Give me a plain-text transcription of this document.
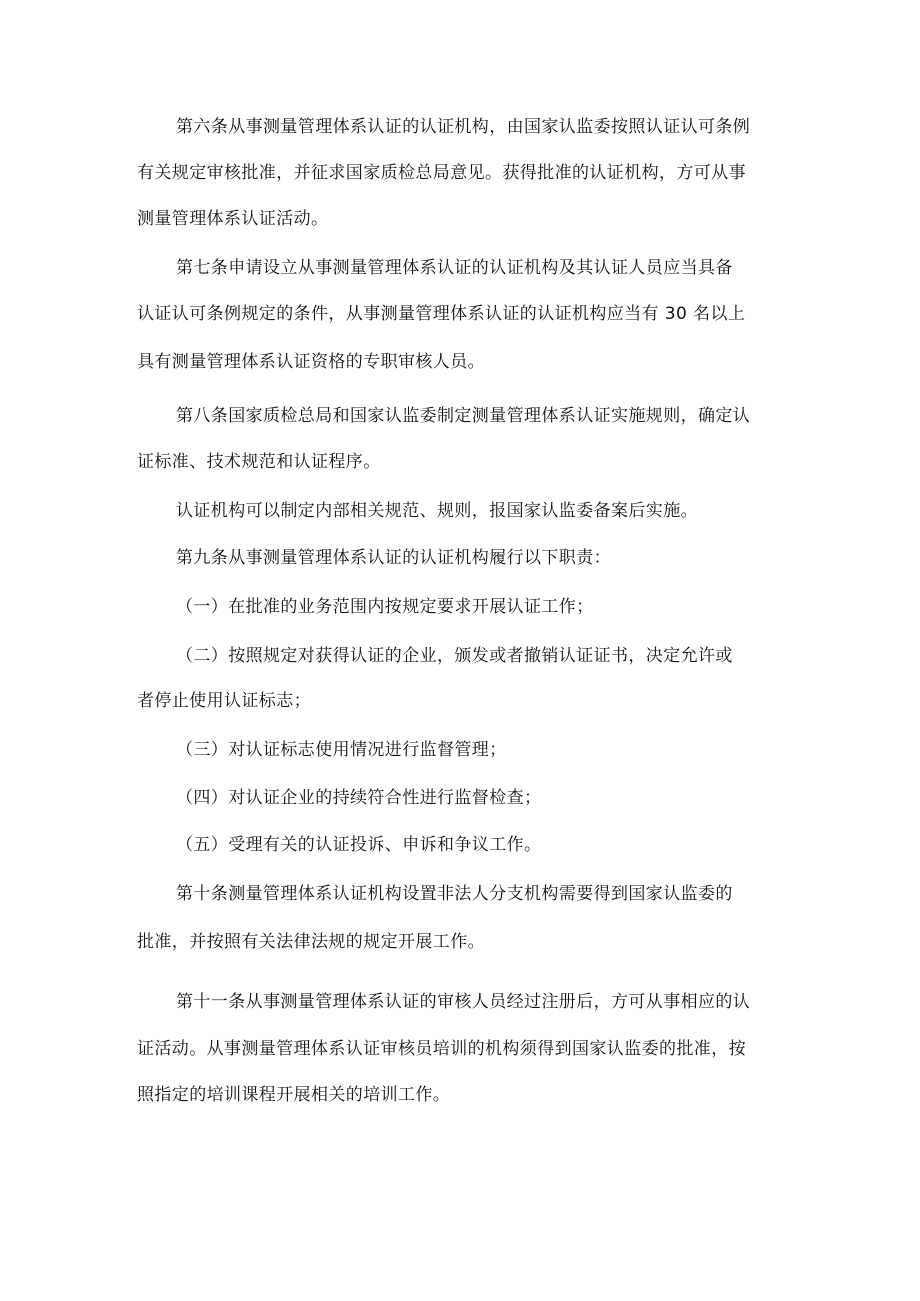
第六条从事测量管理体系认证的认证机构，由国家认监委按照认证认可条例
有关规定审核批准，并征求国家质检总局意见。获得批准的认证机构，方可从事
测量管理体系认证活动。
第七条申请设立从事测量管理体系认证的认证机构及其认证人员应当具备
认证认可条例规定的条件，从事测量管理体系认证的认证机构应当有 30 名以上
具有测量管理体系认证资格的专职审核人员。
第八条国家质检总局和国家认监委制定测量管理体系认证实施规则，确定认
证标准、技术规范和认证程序。
认证机构可以制定内部相关规范、规则，报国家认监委备案后实施。
第九条从事测量管理体系认证的认证机构履行以下职责：
（一）在批准的业务范围内按规定要求开展认证工作；
（二）按照规定对获得认证的企业，颁发或者撤销认证证书，决定允许或
者停止使用认证标志；
（三）对认证标志使用情况进行监督管理；
（四）对认证企业的持续符合性进行监督检查；
（五）受理有关的认证投诉、申诉和争议工作。
第十条测量管理体系认证机构设置非法人分支机构需要得到国家认监委的
批准，并按照有关法律法规的规定开展工作。
第十一条从事测量管理体系认证的审核人员经过注册后，方可从事相应的认
证活动。从事测量管理体系认证审核员培训的机构须得到国家认监委的批准，按
照指定的培训课程开展相关的培训工作。
